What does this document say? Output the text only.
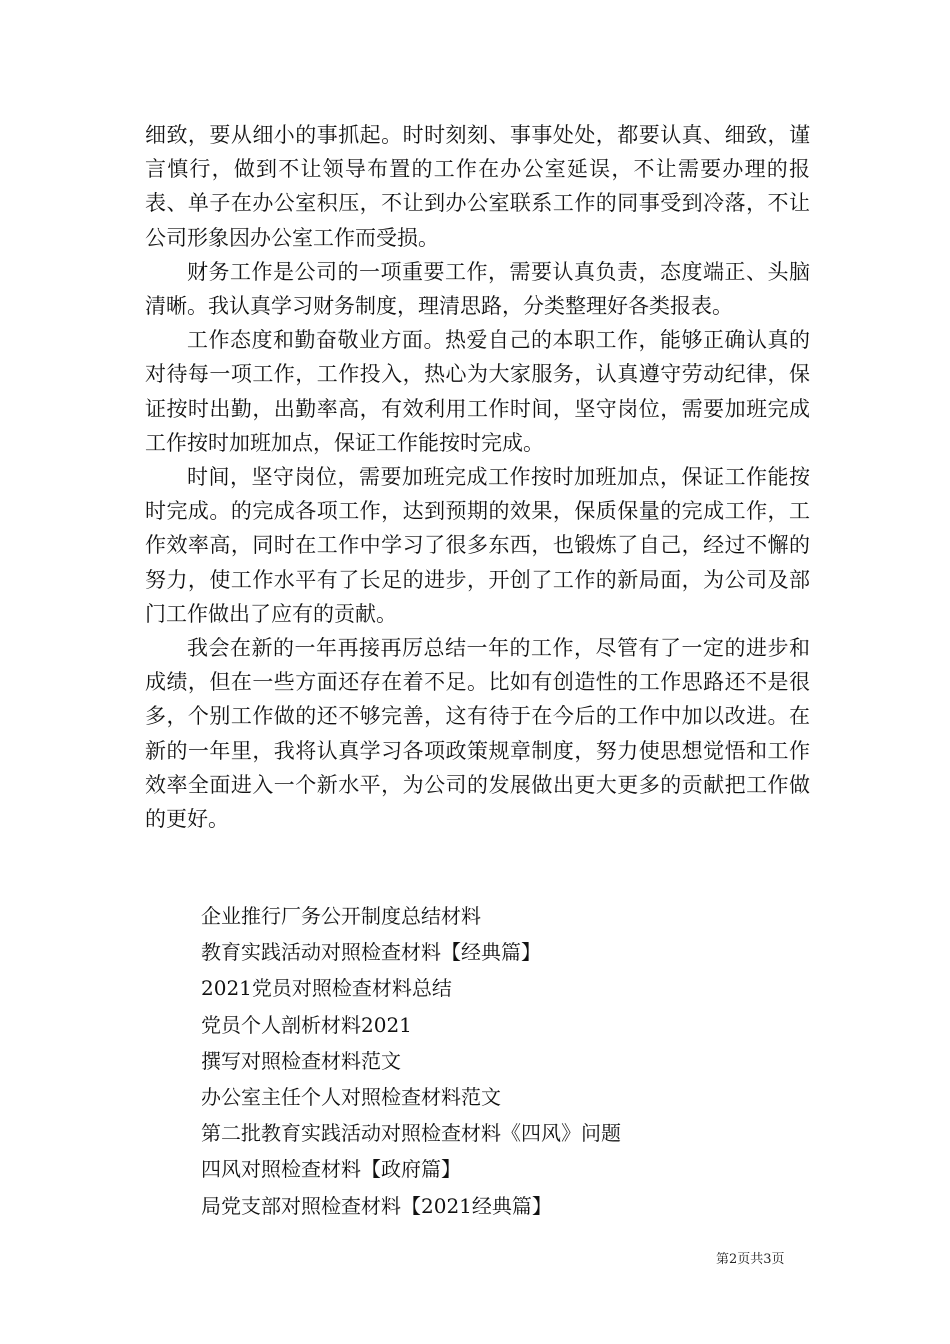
细致，要从细小的事抓起。时时刻刻、事事处处，都要认真、细致，谨言慎行，做到不让领导布置的工作在办公室延误，不让需要办理的报表、单子在办公室积压，不让到办公室联系工作的同事受到冷落，不让公司形象因办公室工作而受损。

财务工作是公司的一项重要工作，需要认真负责，态度端正、头脑清晰。我认真学习财务制度，理清思路，分类整理好各类报表。

工作态度和勤奋敬业方面。热爱自己的本职工作，能够正确认真的对待每一项工作，工作投入，热心为大家服务，认真遵守劳动纪律，保证按时出勤，出勤率高，有效利用工作时间，坚守岗位，需要加班完成工作按时加班加点，保证工作能按时完成。

时间，坚守岗位，需要加班完成工作按时加班加点，保证工作能按时完成。的完成各项工作，达到预期的效果，保质保量的完成工作，工作效率高，同时在工作中学习了很多东西，也锻炼了自己，经过不懈的努力，使工作水平有了长足的进步，开创了工作的新局面，为公司及部门工作做出了应有的贡献。

我会在新的一年再接再厉总结一年的工作，尽管有了一定的进步和成绩，但在一些方面还存在着不足。比如有创造性的工作思路还不是很多，个别工作做的还不够完善，这有待于在今后的工作中加以改进。在新的一年里，我将认真学习各项政策规章制度，努力使思想觉悟和工作效率全面进入一个新水平，为公司的发展做出更大更多的贡献把工作做的更好。

企业推行厂务公开制度总结材料
教育实践活动对照检查材料【经典篇】
2021党员对照检查材料总结
党员个人剖析材料2021
撰写对照检查材料范文
办公室主任个人对照检查材料范文
第二批教育实践活动对照检查材料《四风》问题
四风对照检查材料【政府篇】
局党支部对照检查材料【2021经典篇】
第2页共3页
